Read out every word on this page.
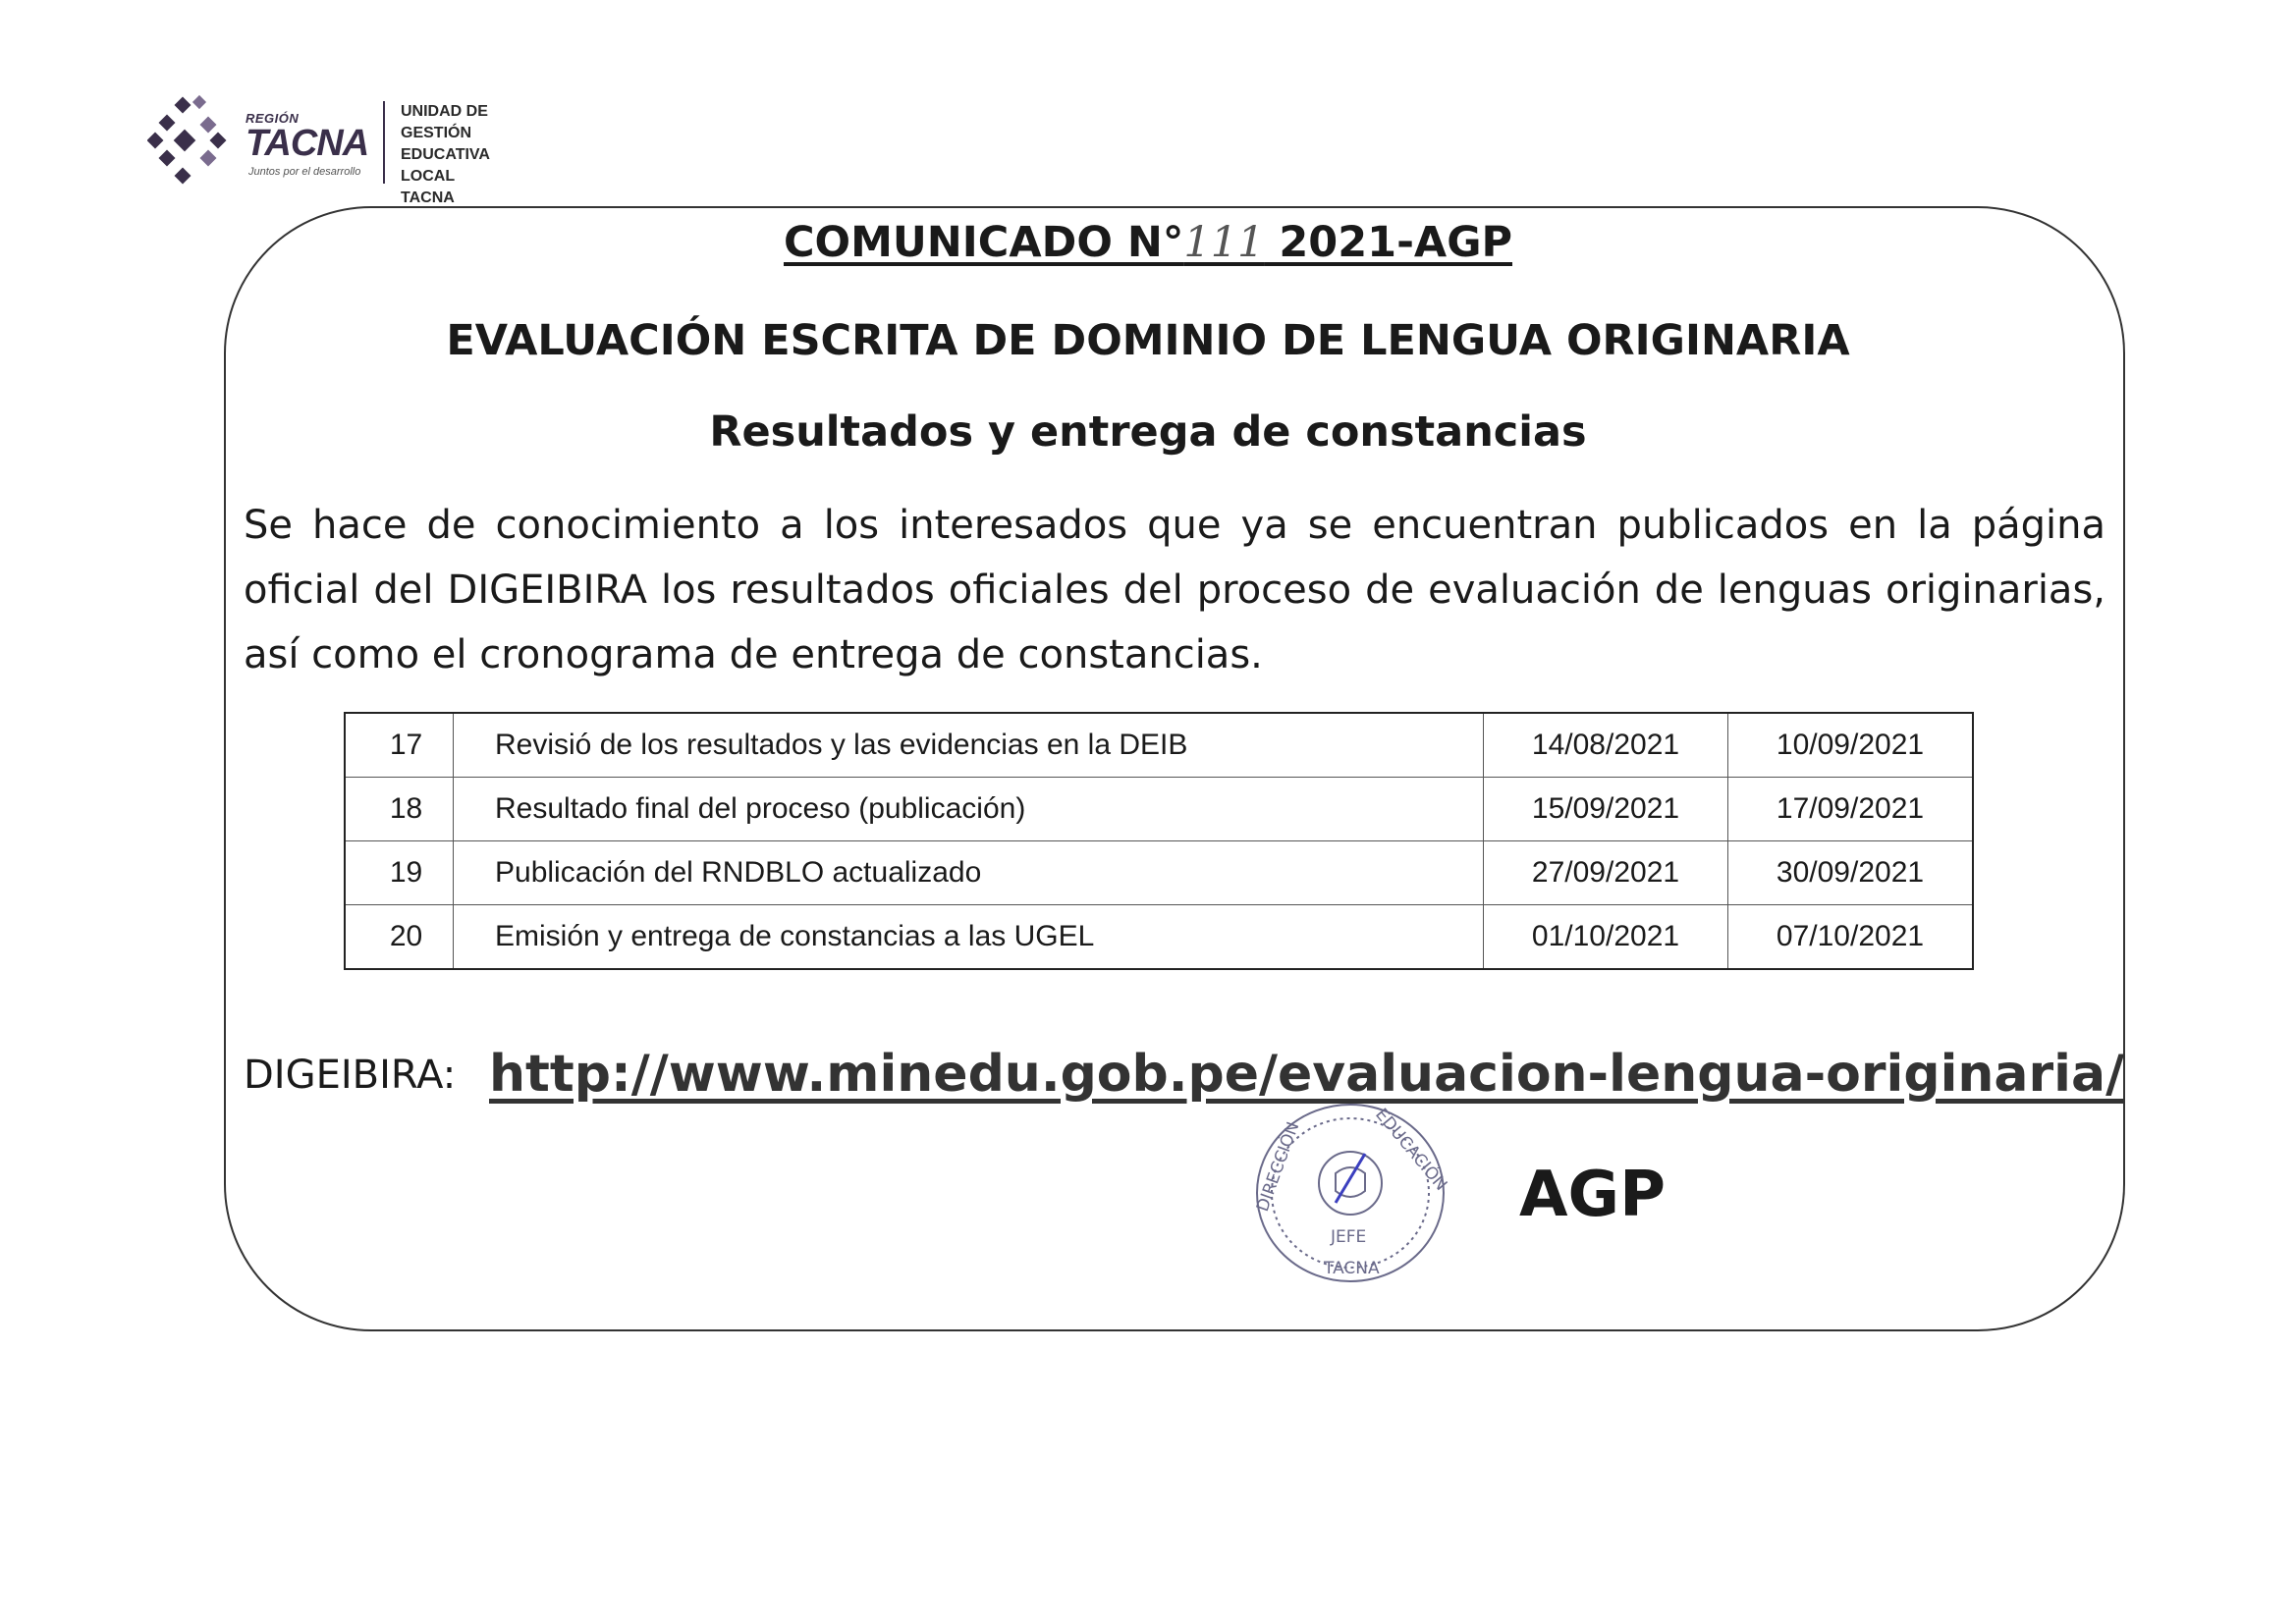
REGIÓN
TACNA
Juntos por el desarrollo
UNIDAD DE
GESTIÓN
EDUCATIVA
LOCAL TACNA
COMUNICADO N°111 2021-AGP
EVALUACIÓN ESCRITA DE DOMINIO DE LENGUA ORIGINARIA
Resultados y entrega de constancias

Se hace de conocimiento a los interesados que ya se encuentran publicados en la página oficial del DIGEIBIRA los resultados oficiales del proceso de evaluación de lenguas originarias, así como el cronograma de entrega de constancias.

17	Revisió de los resultados y las evidencias en la DEIB	14/08/2021	10/09/2021
18	Resultado final del proceso (publicación)	15/09/2021	17/09/2021
19	Publicación del RNDBLO actualizado	27/09/2021	30/09/2021
20	Emisión y entrega de constancias a las UGEL	01/10/2021	07/10/2021
DIGEIBIRA: http://www.minedu.gob.pe/evaluacion-lengua-originaria/
DIRECCIÓN	EDUCACIÓN
JEFE
TACNA
AGP
